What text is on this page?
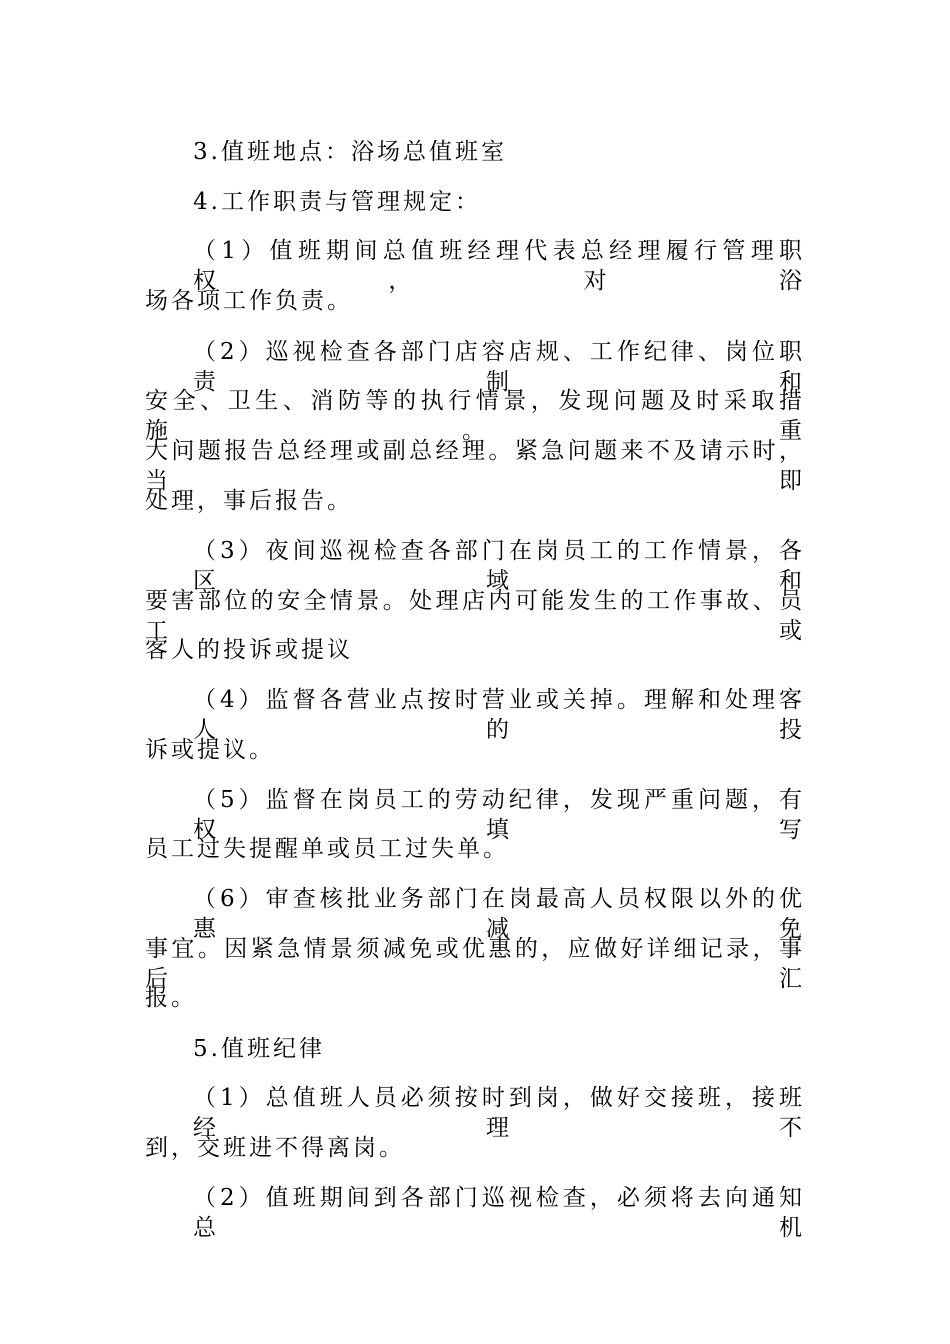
3.值班地点：浴场总值班室
4.工作职责与管理规定：
（1）值班期间总值班经理代表总经理履行管理职权，对浴
场各项工作负责。
（2）巡视检查各部门店容店规、工作纪律、岗位职责制和
安全、卫生、消防等的执行情景，发现问题及时采取措施。重
大问题报告总经理或副总经理。紧急问题来不及请示时，当即
处理，事后报告。
（3）夜间巡视检查各部门在岗员工的工作情景，各区域和
要害部位的安全情景。处理店内可能发生的工作事故、员工或
客人的投诉或提议
（4）监督各营业点按时营业或关掉。理解和处理客人的投
诉或提议。
（5）监督在岗员工的劳动纪律，发现严重问题，有权填写
员工过失提醒单或员工过失单。
（6）审查核批业务部门在岗最高人员权限以外的优惠减免
事宜。因紧急情景须减免或优惠的，应做好详细记录，事后汇
报。
5.值班纪律
（1）总值班人员必须按时到岗，做好交接班，接班经理不
到，交班进不得离岗。
（2）值班期间到各部门巡视检查，必须将去向通知总机
